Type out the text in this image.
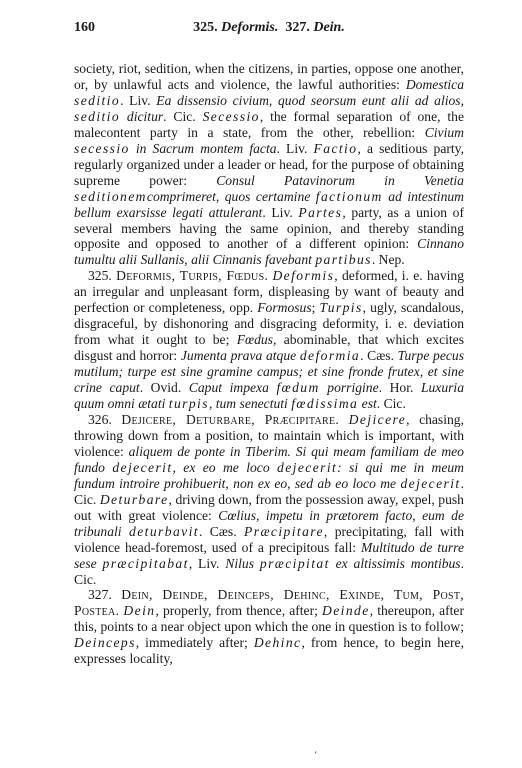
160	325. Deformis. 327. Dein.

society, riot, sedition, when the citizens, in parties, oppose one another, or, by unlawful acts and violence, the lawful authorities: Domestica seditio. Liv. Ea dissensio civium, quod seorsum eunt alii ad alios, seditio dicitur. Cic. Secessio, the formal separation of one, the malecontent party in a state, from the other, rebellion: Civium secessio in Sacrum montem facta. Liv. Factio, a seditious party, regularly organized under a leader or head, for the purpose of obtaining supreme power: Consul Patavinorum in Venetia seditionemcomprimeret, quos certamine factionum ad intestinum bellum exarsisse legati attulerant. Liv. Partes, party, as a union of several members having the same opinion, and thereby standing opposite and opposed to another of a different opinion: Cinnano tumultu alii Sullanis, alii Cinnanis favebant partibus. Nep.

325. Deformis, Turpis, Fœdus. Deformis, deformed, i. e. having an irregular and unpleasant form, displeasing by want of beauty and perfection or completeness, opp. Formosus; Turpis, ugly, scandalous, disgraceful, by dishonoring and disgracing deformity, i. e. deviation from what it ought to be; Fœdus, abominable, that which excites disgust and horror: Jumenta prava atque deformia. Cæs. Turpe pecus mutilum; turpe est sine gramine campus; et sine fronde frutex, et sine crine caput. Ovid. Caput impexa fœdum porrigine. Hor. Luxuria quum omni ætati turpis, tum senectuti fœdissima est. Cic.

326. Dejicere, Deturbare, Præcipitare. Dejicere, chasing, throwing down from a position, to maintain which is important, with violence: aliquem de ponte in Tiberim. Si qui meam familiam de meo fundo dejecerit, ex eo me loco dejecerit: si qui me in meum fundum introire prohibuerit, non ex eo, sed ab eo loco me dejecerit. Cic. Deturbare, driving down, from the possession away, expel, push out with great violence: Cœlius, impetu in prætorem facto, eum de tribunali deturbavit. Cæs. Præcipitare, precipitating, fall with violence head-foremost, used of a precipitous fall: Multitudo de turre sese præcipitabat, Liv. Nilus præcipitat ex altissimis montibus. Cic.

327. Dein, Deinde, Deinceps, Dehinc, Exinde, Tum, Post, Postea. Dein, properly, from thence, after; Deinde, thereupon, after this, points to a near object upon which the one in question is to follow; Deinceps, immediately after; Dehinc, from hence, to begin here, expresses locality,

‘
